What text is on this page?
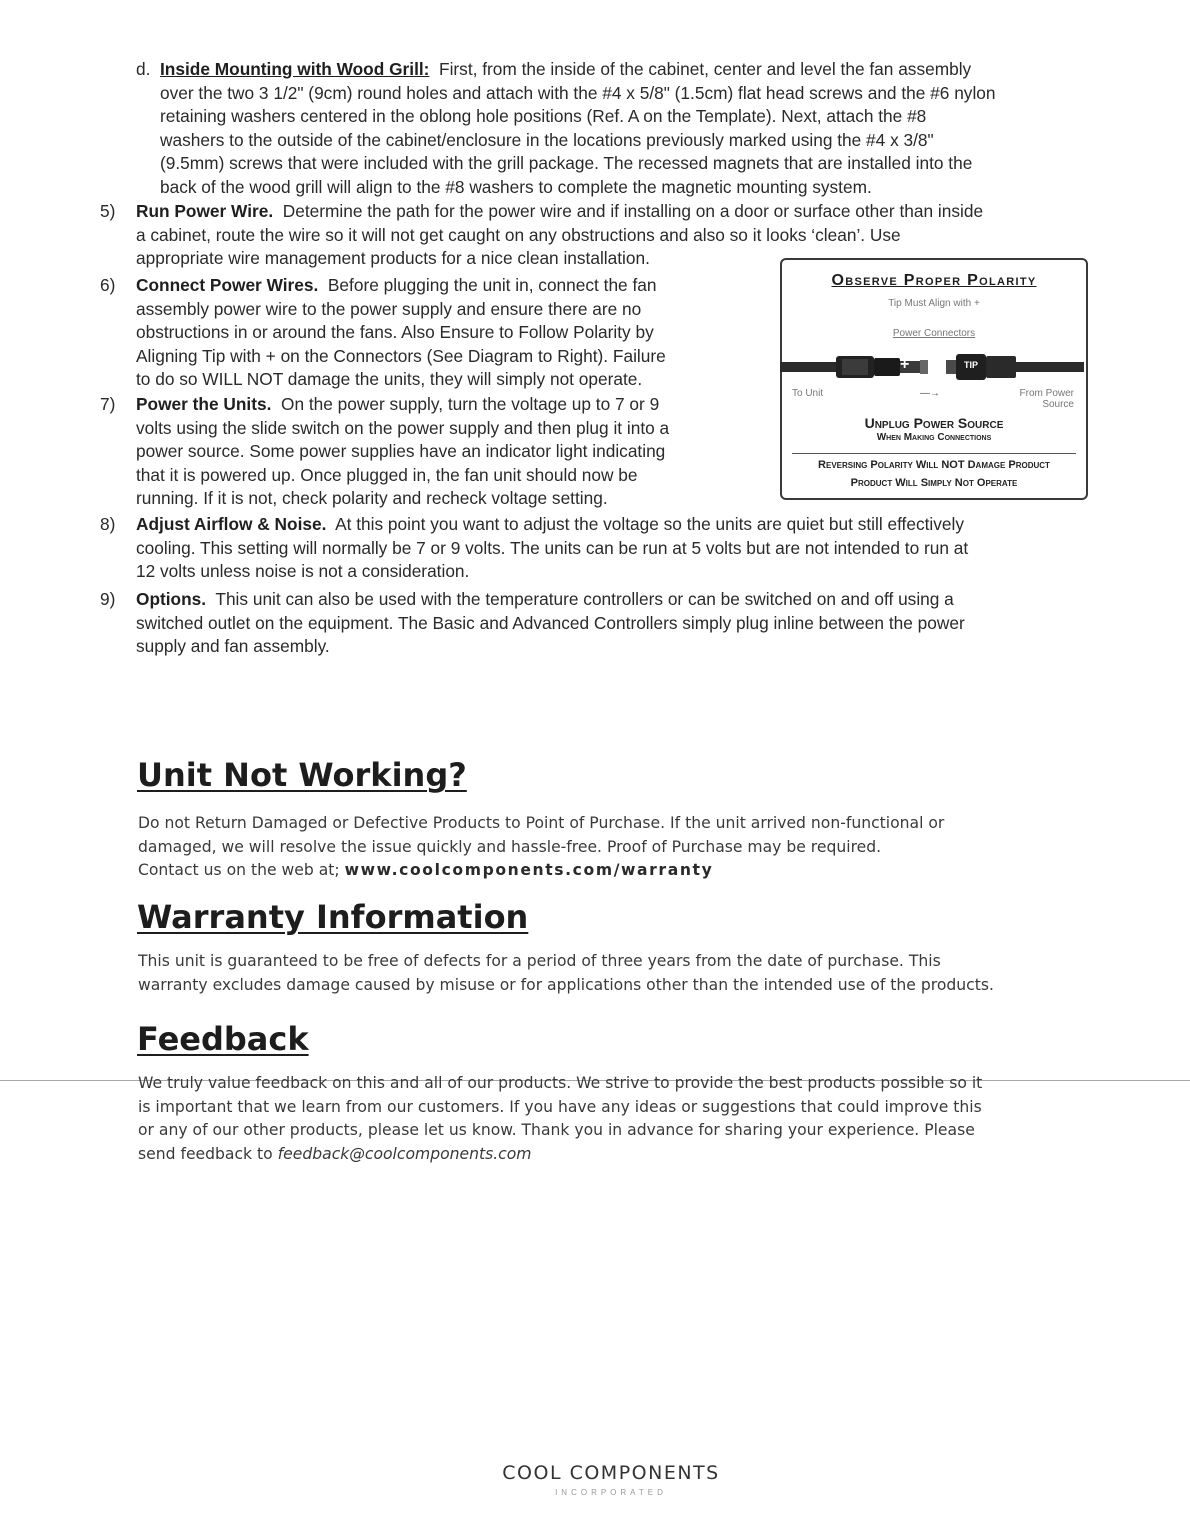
d. Inside Mounting with Wood Grill: First, from the inside of the cabinet, center and level the fan assembly
over the two 3 1/2" (9cm) round holes and attach with the #4 x 5/8" (1.5cm) flat head screws and the #6 nylon
retaining washers centered in the oblong hole positions (Ref. A on the Template). Next, attach the #8
washers to the outside of the cabinet/enclosure in the locations previously marked using the #4 x 3/8"
(9.5mm) screws that were included with the grill package. The recessed magnets that are installed into the
back of the wood grill will align to the #8 washers to complete the magnetic mounting system.
5)	Run Power Wire. Determine the path for the power wire and if installing on a door or surface other than inside
a cabinet, route the wire so it will not get caught on any obstructions and also so it looks ‘clean’. Use
appropriate wire management products for a nice clean installation.
6)	Connect Power Wires. Before plugging the unit in, connect the fan
assembly power wire to the power supply and ensure there are no
obstructions in or around the fans. Also Ensure to Follow Polarity by
Aligning Tip with + on the Connectors (See Diagram to Right). Failure
to do so WILL NOT damage the units, they will simply not operate.
7)	Power the Units. On the power supply, turn the voltage up to 7 or 9
volts using the slide switch on the power supply and then plug it into a
power source. Some power supplies have an indicator light indicating
that it is powered up. Once plugged in, the fan unit should now be
running. If it is not, check polarity and recheck voltage setting.
Observe Proper Polarity
Tip Must Align with +
Power Connectors
+	TIP
To Unit	—→	From Power
Source
Unplug Power Source
When Making Connections
Reversing Polarity Will NOT Damage Product
Product Will Simply Not Operate
8)	Adjust Airflow & Noise. At this point you want to adjust the voltage so the units are quiet but still effectively
cooling. This setting will normally be 7 or 9 volts. The units can be run at 5 volts but are not intended to run at
12 volts unless noise is not a consideration.
9)	Options. This unit can also be used with the temperature controllers or can be switched on and off using a
switched outlet on the equipment. The Basic and Advanced Controllers simply plug inline between the power
supply and fan assembly.
Unit Not Working?
Do not Return Damaged or Defective Products to Point of Purchase. If the unit arrived non-functional or
damaged, we will resolve the issue quickly and hassle-free. Proof of Purchase may be required.
Contact us on the web at; www.coolcomponents.com/warranty
Warranty Information
This unit is guaranteed to be free of defects for a period of three years from the date of purchase. This
warranty excludes damage caused by misuse or for applications other than the intended use of the products.
Feedback
We truly value feedback on this and all of our products. We strive to provide the best products possible so it
is important that we learn from our customers. If you have any ideas or suggestions that could improve this
or any of our other products, please let us know. Thank you in advance for sharing your experience. Please
send feedback to feedback@coolcomponents.com
COOL COMPONENTS
INCORPORATED
